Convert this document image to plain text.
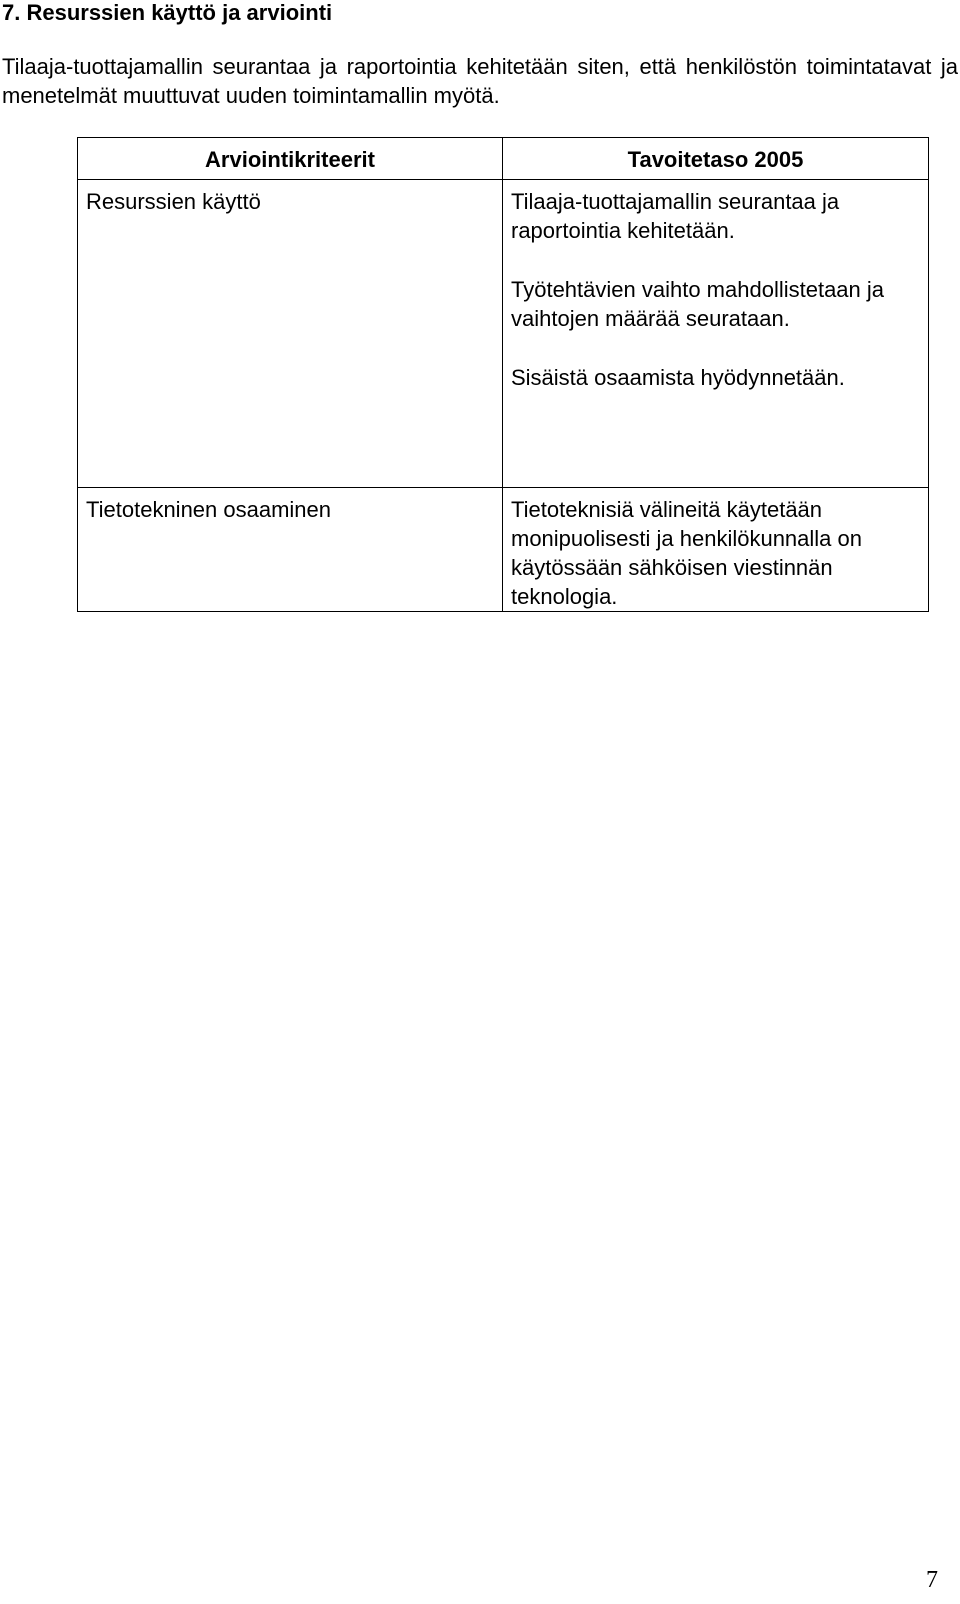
7. Resurssien käyttö ja arviointi

Tilaaja-tuottajamallin seurantaa ja raportointia kehitetään siten, että henkilöstön toimintatavat ja menetelmät muuttuvat uuden toimintamallin myötä.

Arviointikriteerit	Tavoitetaso 2005
Resurssien käyttö	Tilaaja-tuottajamallin seurantaa ja raportointia kehitetään.

Työtehtävien vaihto mahdollistetaan ja vaihtojen määrää seurataan.

Sisäistä osaamista hyödynnetään.

Tietotekninen osaaminen	Tietoteknisiä välineitä käytetään monipuolisesti ja henkilökunnalla on käytössään sähköisen viestinnän teknologia.

7
